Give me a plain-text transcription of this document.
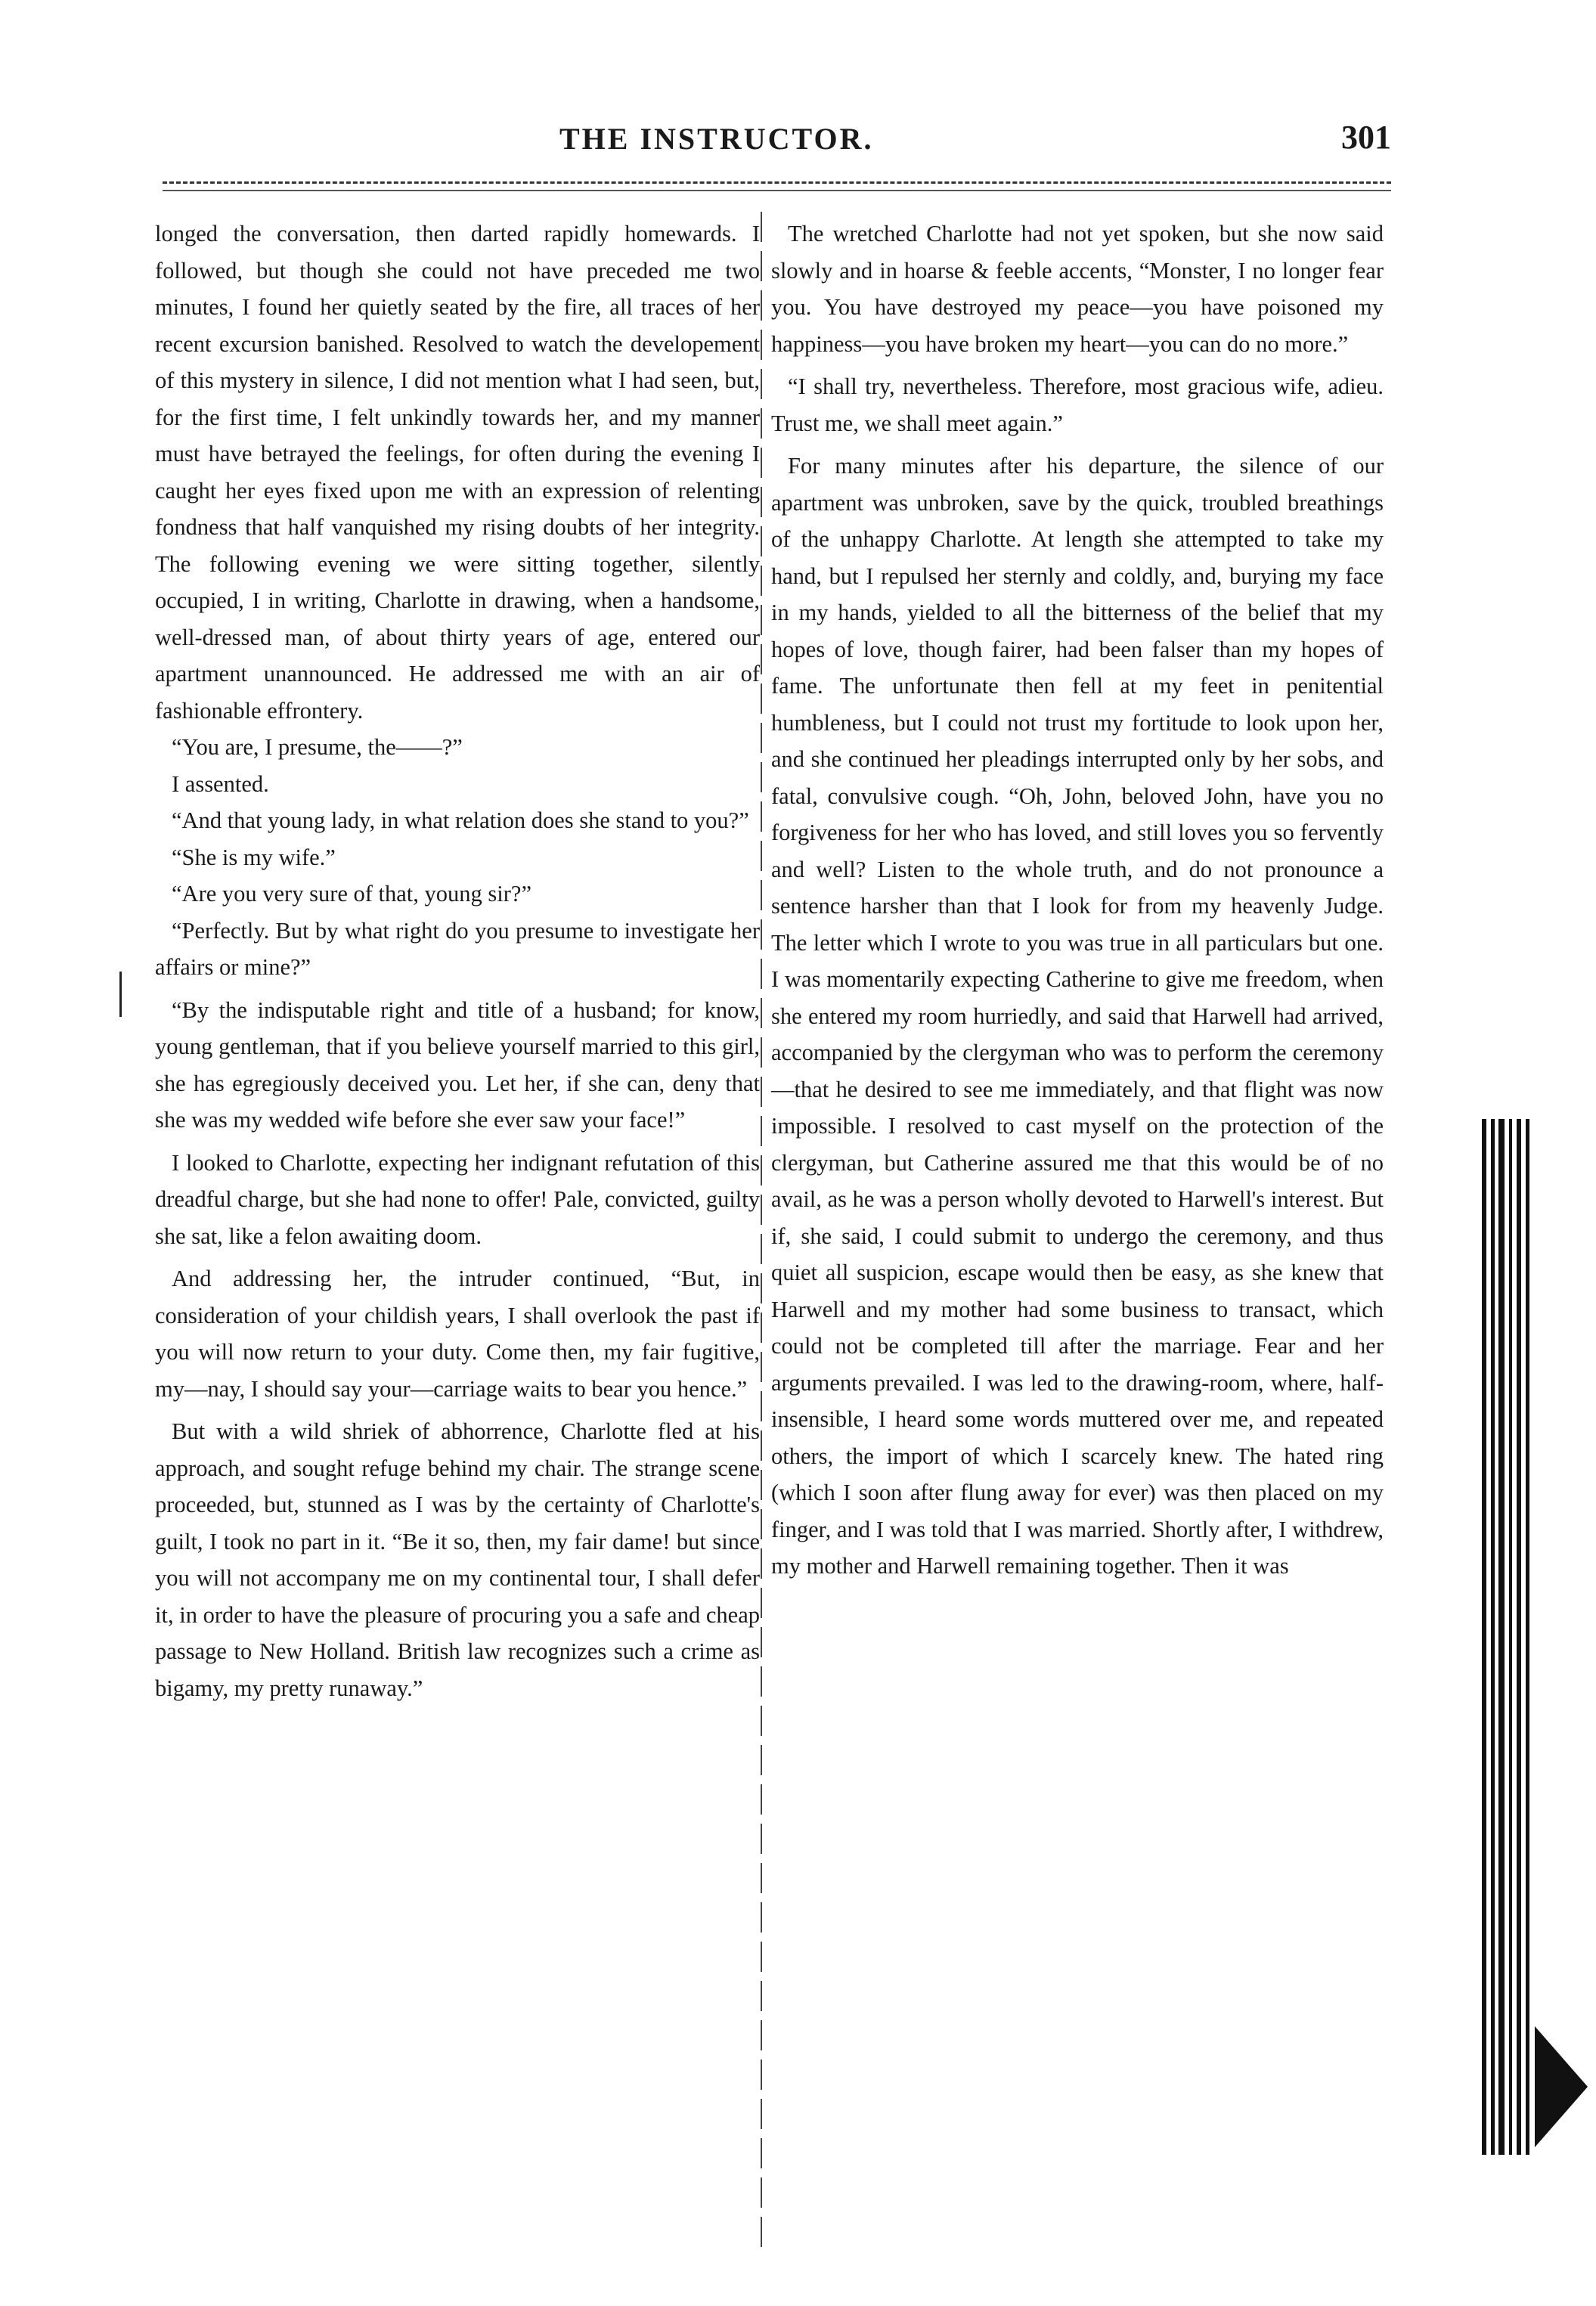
THE INSTRUCTOR.	301

longed the conversation, then darted rapidly homewards. I followed, but though she could not have preceded me two minutes, I found her quietly seated by the fire, all traces of her recent excursion banished. Resolved to watch the developement of this mystery in silence, I did not mention what I had seen, but, for the first time, I felt unkindly towards her, and my manner must have betrayed the feelings, for often during the evening I caught her eyes fixed upon me with an expression of relenting fondness that half vanquished my rising doubts of her integrity. The following evening we were sitting together, silently occupied, I in writing, Charlotte in drawing, when a handsome, well-dressed man, of about thirty years of age, entered our apartment unannounced. He addressed me with an air of fashionable effrontery.

“You are, I presume, the——?”

I assented.

“And that young lady, in what relation does she stand to you?”

“She is my wife.”

“Are you very sure of that, young sir?”

“Perfectly. But by what right do you presume to investigate her affairs or mine?”

“By the indisputable right and title of a husband; for know, young gentleman, that if you believe yourself married to this girl, she has egregiously deceived you. Let her, if she can, deny that she was my wedded wife before she ever saw your face!”

I looked to Charlotte, expecting her indignant refutation of this dreadful charge, but she had none to offer! Pale, convicted, guilty she sat, like a felon awaiting doom.

And addressing her, the intruder continued, “But, in consideration of your childish years, I shall overlook the past if you will now return to your duty. Come then, my fair fugitive, my—nay, I should say your—carriage waits to bear you hence.”

But with a wild shriek of abhorrence, Charlotte fled at his approach, and sought refuge behind my chair. The strange scene proceeded, but, stunned as I was by the certainty of Charlotte's guilt, I took no part in it. “Be it so, then, my fair dame! but since you will not accompany me on my continental tour, I shall defer it, in order to have the pleasure of procuring you a safe and cheap passage to New Holland. British law recognizes such a crime as bigamy, my pretty runaway.”

The wretched Charlotte had not yet spoken, but she now said slowly and in hoarse & feeble accents, “Monster, I no longer fear you. You have destroyed my peace—you have poisoned my happiness—you have broken my heart—you can do no more.”

“I shall try, nevertheless. Therefore, most gracious wife, adieu. Trust me, we shall meet again.”

For many minutes after his departure, the silence of our apartment was unbroken, save by the quick, troubled breathings of the unhappy Charlotte. At length she attempted to take my hand, but I repulsed her sternly and coldly, and, burying my face in my hands, yielded to all the bitterness of the belief that my hopes of love, though fairer, had been falser than my hopes of fame. The unfortunate then fell at my feet in penitential humbleness, but I could not trust my fortitude to look upon her, and she continued her pleadings interrupted only by her sobs, and fatal, convulsive cough. “Oh, John, beloved John, have you no forgiveness for her who has loved, and still loves you so fervently and well? Listen to the whole truth, and do not pronounce a sentence harsher than that I look for from my heavenly Judge. The letter which I wrote to you was true in all particulars but one. I was momentarily expecting Catherine to give me freedom, when she entered my room hurriedly, and said that Harwell had arrived, accompanied by the clergyman who was to perform the ceremony—that he desired to see me immediately, and that flight was now impossible. I resolved to cast myself on the protection of the clergyman, but Catherine assured me that this would be of no avail, as he was a person wholly devoted to Harwell's interest. But if, she said, I could submit to undergo the ceremony, and thus quiet all suspicion, escape would then be easy, as she knew that Harwell and my mother had some business to transact, which could not be completed till after the marriage. Fear and her arguments prevailed. I was led to the drawing-room, where, half-insensible, I heard some words muttered over me, and repeated others, the import of which I scarcely knew. The hated ring (which I soon after flung away for ever) was then placed on my finger, and I was told that I was married. Shortly after, I withdrew, my mother and Harwell remaining together. Then it was
